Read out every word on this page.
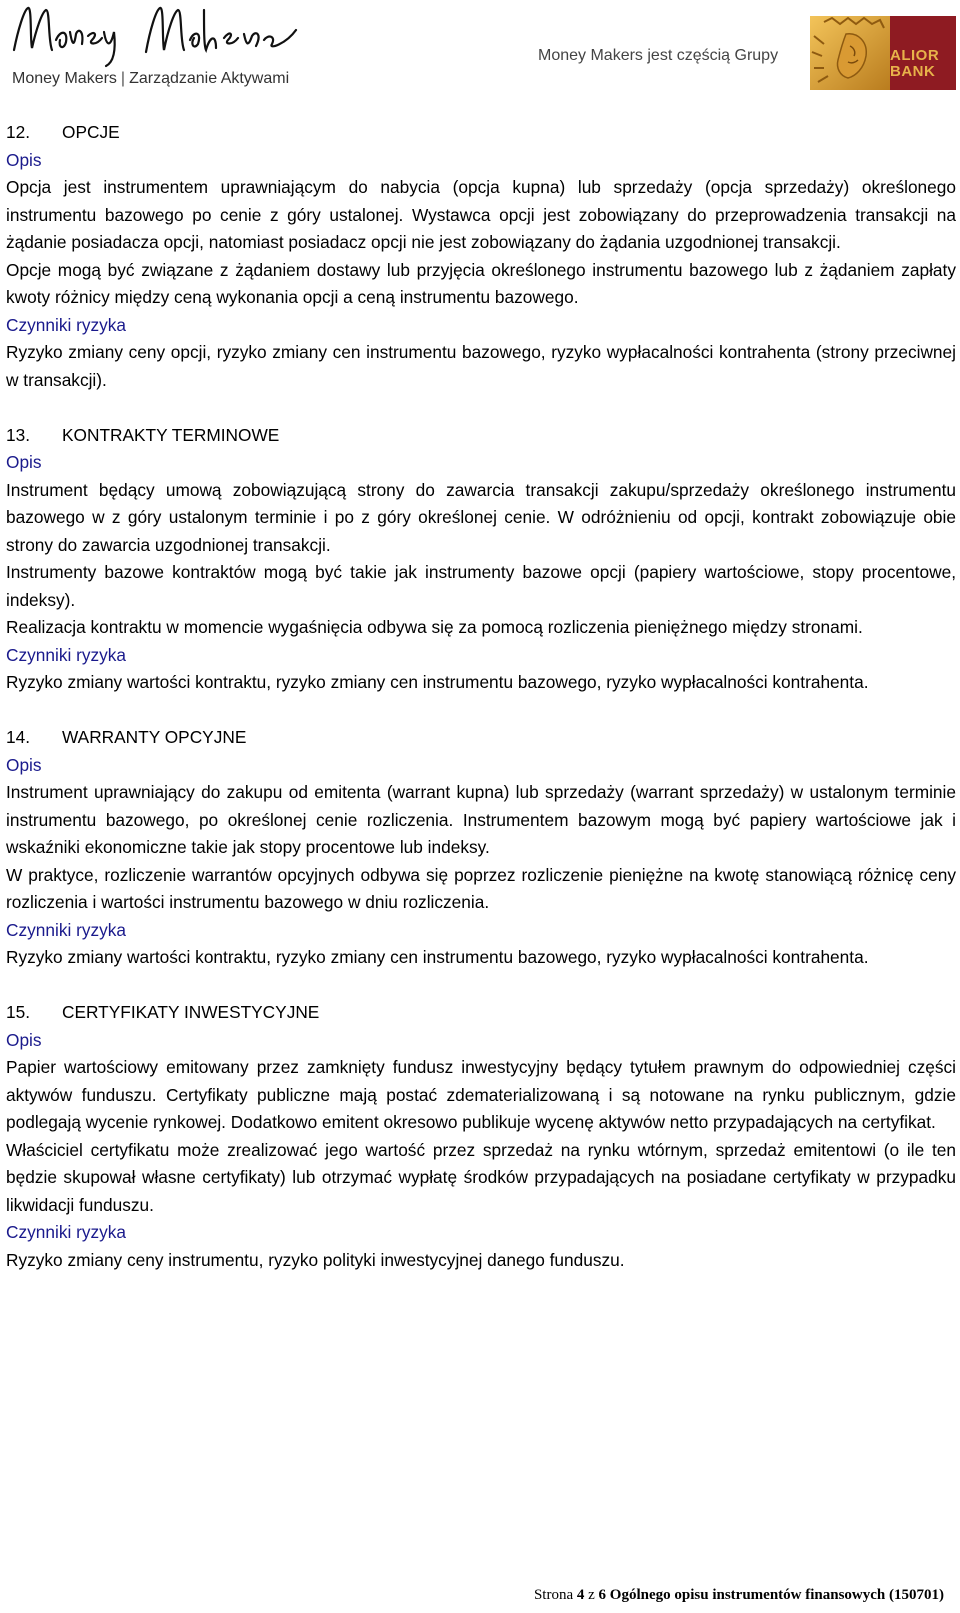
Money Makers | Zarządzanie Aktywami
Money Makers jest częścią Grupy	ALIOR
BANK

12. OPCJE

Opis

Opcja jest instrumentem uprawniającym do nabycia (opcja kupna) lub sprzedaży (opcja sprzedaży) określonego instrumentu bazowego po cenie z góry ustalonej. Wystawca opcji jest zobowiązany do przeprowadzenia transakcji na żądanie posiadacza opcji, natomiast posiadacz opcji nie jest zobowiązany do żądania uzgodnionej transakcji.

Opcje mogą być związane z żądaniem dostawy lub przyjęcia określonego instrumentu bazowego lub z żądaniem zapłaty kwoty różnicy między ceną wykonania opcji a ceną instrumentu bazowego.

Czynniki ryzyka

Ryzyko zmiany ceny opcji, ryzyko zmiany cen instrumentu bazowego, ryzyko wypłacalności kontrahenta (strony przeciwnej w transakcji).

13. KONTRAKTY TERMINOWE

Opis

Instrument będący umową zobowiązującą strony do zawarcia transakcji zakupu/sprzedaży określonego instrumentu bazowego w z góry ustalonym terminie i po z góry określonej cenie. W odróżnieniu od opcji, kontrakt zobowiązuje obie strony do zawarcia uzgodnionej transakcji.

Instrumenty bazowe kontraktów mogą być takie jak instrumenty bazowe opcji (papiery wartościowe, stopy procentowe, indeksy).

Realizacja kontraktu w momencie wygaśnięcia odbywa się za pomocą rozliczenia pieniężnego między stronami.

Czynniki ryzyka

Ryzyko zmiany wartości kontraktu, ryzyko zmiany cen instrumentu bazowego, ryzyko wypłacalności kontrahenta.

14. WARRANTY OPCYJNE

Opis

Instrument uprawniający do zakupu od emitenta (warrant kupna) lub sprzedaży (warrant sprzedaży) w ustalonym terminie instrumentu bazowego, po określonej cenie rozliczenia. Instrumentem bazowym mogą być papiery wartościowe jak i wskaźniki ekonomiczne takie jak stopy procentowe lub indeksy.

W praktyce, rozliczenie warrantów opcyjnych odbywa się poprzez rozliczenie pieniężne na kwotę stanowiącą różnicę ceny rozliczenia i wartości instrumentu bazowego w dniu rozliczenia.

Czynniki ryzyka

Ryzyko zmiany wartości kontraktu, ryzyko zmiany cen instrumentu bazowego, ryzyko wypłacalności kontrahenta.

15. CERTYFIKATY INWESTYCYJNE

Opis

Papier wartościowy emitowany przez zamknięty fundusz inwestycyjny będący tytułem prawnym do odpowiedniej części aktywów funduszu. Certyfikaty publiczne mają postać zdematerializowaną i są notowane na rynku publicznym, gdzie podlegają wycenie rynkowej. Dodatkowo emitent okresowo publikuje wycenę aktywów netto przypadających na certyfikat.

Właściciel certyfikatu może zrealizować jego wartość przez sprzedaż na rynku wtórnym, sprzedaż emitentowi (o ile ten będzie skupował własne certyfikaty) lub otrzymać wypłatę środków przypadających na posiadane certyfikaty w przypadku likwidacji funduszu.

Czynniki ryzyka

Ryzyko zmiany ceny instrumentu, ryzyko polityki inwestycyjnej danego funduszu.

Strona 4 z 6 Ogólnego opisu instrumentów finansowych (150701)
